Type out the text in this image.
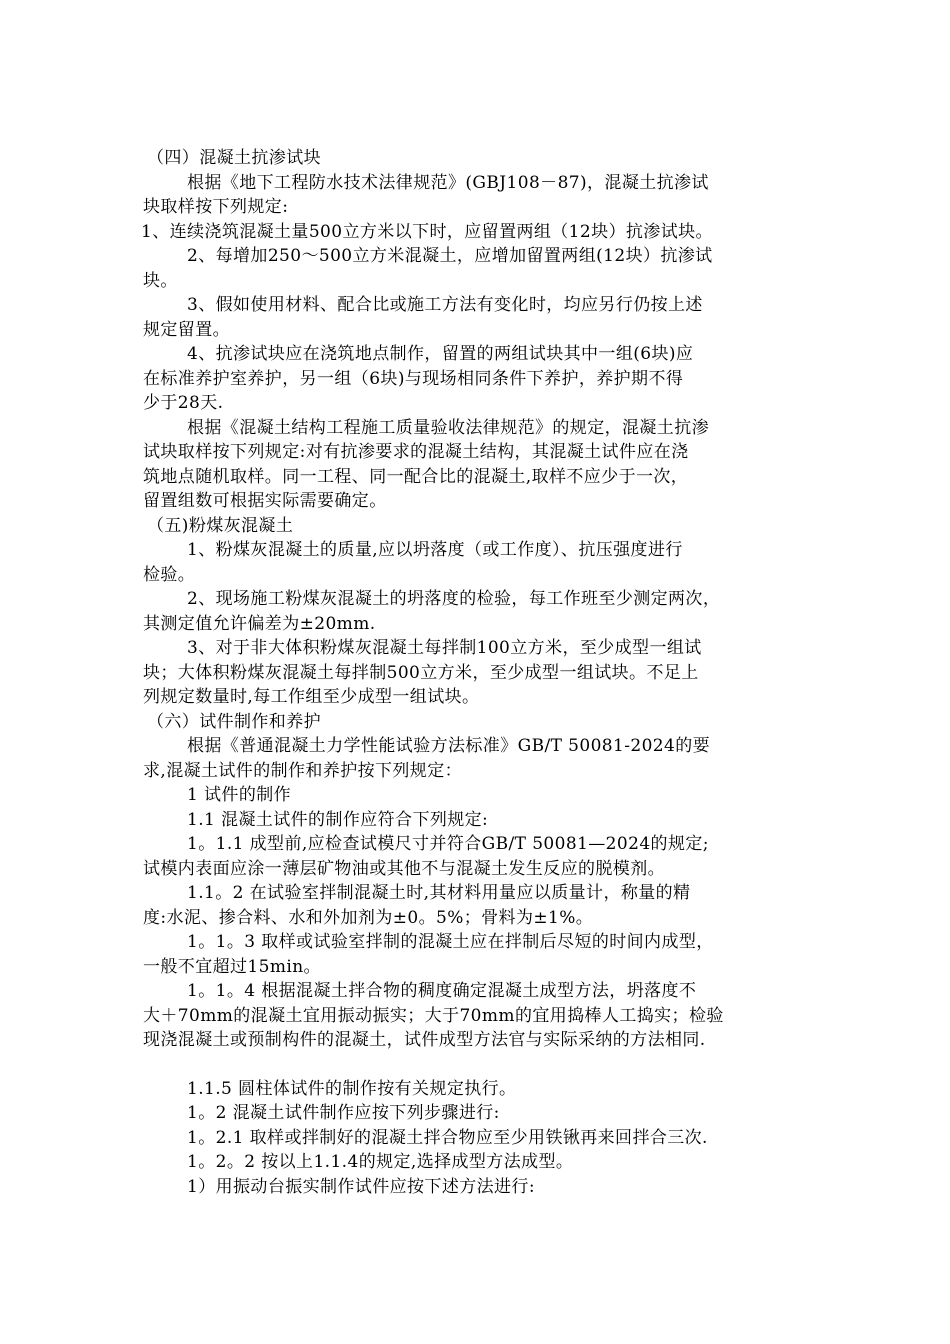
（四）混凝土抗渗试块
根据《地下工程防水技术法律规范》(GBJ108－87)，混凝土抗渗试
块取样按下列规定:
1、连续浇筑混凝土量500立方米以下时，应留置两组（12块）抗渗试块。
2、每增加250～500立方米混凝土，应增加留置两组(12块）抗渗试
块。
3、假如使用材料、配合比或施工方法有变化时，均应另行仍按上述
规定留置。
4、抗渗试块应在浇筑地点制作，留置的两组试块其中一组(6块)应
在标准养护室养护，另一组（6块)与现场相同条件下养护，养护期不得
少于28天.
根据《混凝土结构工程施工质量验收法律规范》的规定，混凝土抗渗
试块取样按下列规定:对有抗渗要求的混凝土结构，其混凝土试件应在浇
筑地点随机取样。同一工程、同一配合比的混凝土,取样不应少于一次，
留置组数可根据实际需要确定。
（五)粉煤灰混凝土
1、粉煤灰混凝土的质量,应以坍落度（或工作度）、抗压强度进行
检验。
2、现场施工粉煤灰混凝土的坍落度的检验，每工作班至少测定两次，
其测定值允许偏差为±20mm.
3、对于非大体积粉煤灰混凝土每拌制100立方米，至少成型一组试
块；大体积粉煤灰混凝土每拌制500立方米，至少成型一组试块。不足上
列规定数量时,每工作组至少成型一组试块。
（六）试件制作和养护
根据《普通混凝土力学性能试验方法标准》GB/T 50081-2024的要
求,混凝土试件的制作和养护按下列规定：
1 试件的制作
1.1 混凝土试件的制作应符合下列规定:
1。1.1 成型前,应检查试模尺寸并符合GB/T 50081—2024的规定;
试模内表面应涂一薄层矿物油或其他不与混凝土发生反应的脱模剂。
1.1。2 在试验室拌制混凝土时,其材料用量应以质量计，称量的精
度:水泥、掺合料、水和外加剂为±0。5%；骨料为±1%。
1。1。3 取样或试验室拌制的混凝土应在拌制后尽短的时间内成型，
一般不宜超过15min。
1。1。4 根据混凝土拌合物的稠度确定混凝土成型方法，坍落度不
大＋70mm的混凝土宜用振动振实；大于70mm的宜用捣棒人工捣实；检验
现浇混凝土或预制构件的混凝土，试件成型方法官与实际采纳的方法相同.
1.1.5 圆柱体试件的制作按有关规定执行。
1。2 混凝土试件制作应按下列步骤进行:
1。2.1 取样或拌制好的混凝土拌合物应至少用铁锹再来回拌合三次.
1。2。2 按以上1.1.4的规定,选择成型方法成型。
1）用振动台振实制作试件应按下述方法进行:
